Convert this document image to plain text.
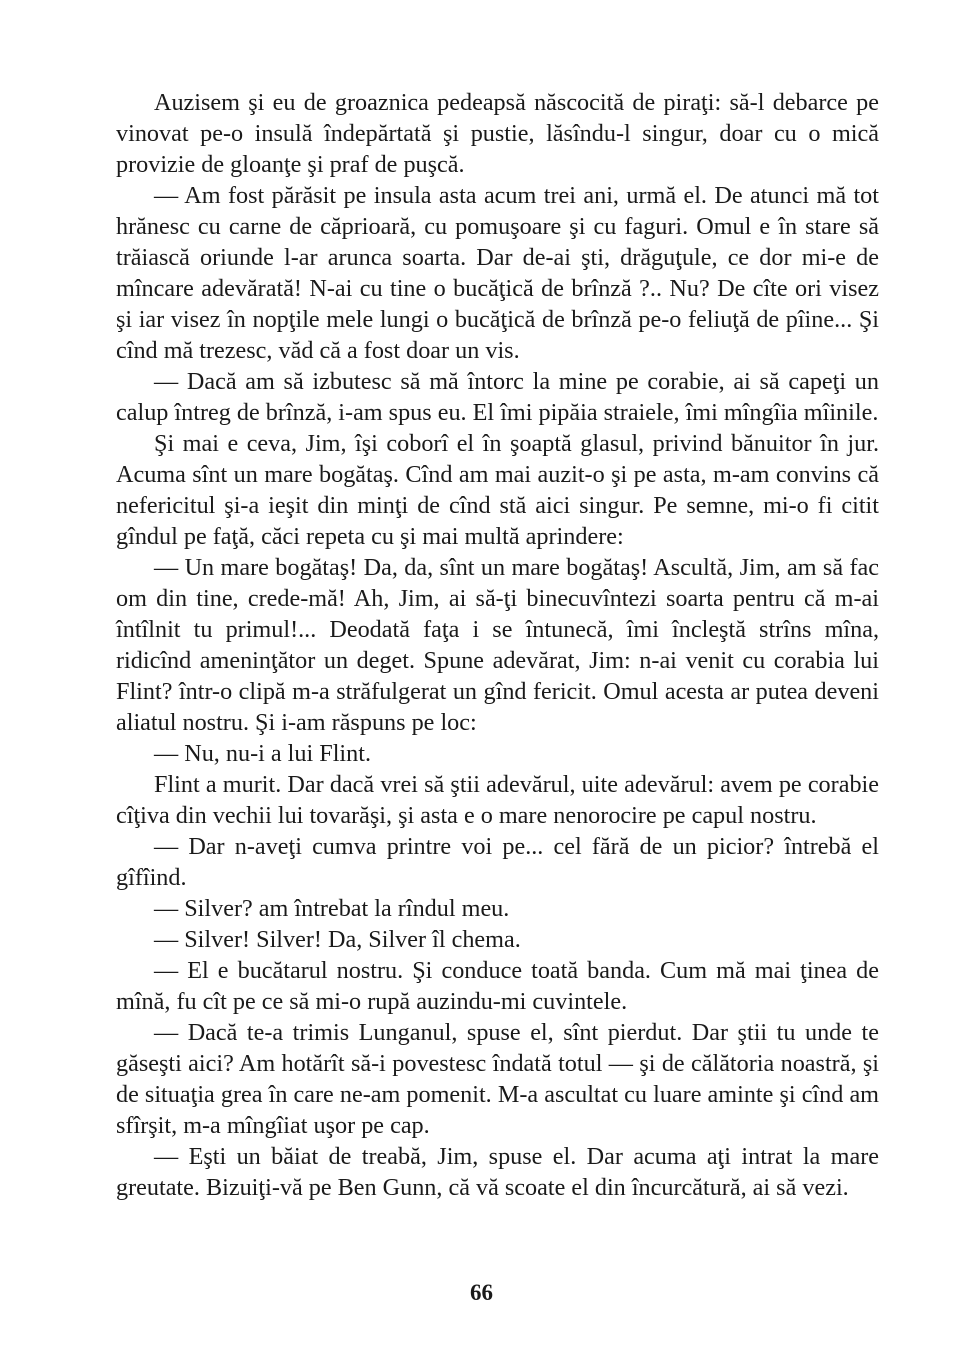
Auzisem şi eu de groaznica pedeapsă născocită de piraţi: să-l debarce pe vinovat pe-o insulă îndepărtată şi pustie, lăsîndu-l singur, doar cu o mică provizie de gloanţe şi praf de puşcă.

— Am fost părăsit pe insula asta acum trei ani, urmă el. De atunci mă tot hrănesc cu carne de căprioară, cu pomuşoare şi cu faguri. Omul e în stare să trăiască oriunde l-ar arunca soarta. Dar de-ai şti, drăguţule, ce dor mi-e de mîncare adevărată! N-ai cu tine o bucăţică de brînză ?.. Nu? De cîte ori visez şi iar visez în nopţile mele lungi o bucăţică de brînză pe-o feliuţă de pîine... Şi cînd mă trezesc, văd că a fost doar un vis.

— Dacă am să izbutesc să mă întorc la mine pe corabie, ai să capeţi un calup întreg de brînză, i-am spus eu. El îmi pipăia straiele, îmi mîngîia mîinile.

Şi mai e ceva, Jim, îşi coborî el în şoaptă glasul, privind bănuitor în jur. Acuma sînt un mare bogătaş. Cînd am mai auzit-o şi pe asta, m-am convins că nefericitul şi-a ieşit din minţi de cînd stă aici singur. Pe semne, mi-o fi citit gîndul pe faţă, căci repeta cu şi mai multă aprindere:

— Un mare bogătaş! Da, da, sînt un mare bogătaş! Ascultă, Jim, am să fac om din tine, crede-mă! Ah, Jim, ai să-ţi binecuvîntezi soarta pentru că m-ai întîlnit tu primul!... Deodată faţa i se întunecă, îmi încleştă strîns mîna, ridicînd ameninţător un deget. Spune adevărat, Jim: n-ai venit cu corabia lui Flint? într-o clipă m-a străfulgerat un gînd fericit. Omul acesta ar putea deveni aliatul nostru. Şi i-am răspuns pe loc:

— Nu, nu-i a lui Flint.

Flint a murit. Dar dacă vrei să ştii adevărul, uite adevărul: avem pe corabie cîţiva din vechii lui tovarăşi, şi asta e o mare nenorocire pe capul nostru.

— Dar n-aveţi cumva printre voi pe... cel fără de un picior? întrebă el gîfîind.

— Silver? am întrebat la rîndul meu.

— Silver! Silver! Da, Silver îl chema.

— El e bucătarul nostru. Şi conduce toată banda. Cum mă mai ţinea de mînă, fu cît pe ce să mi-o rupă auzindu-mi cuvintele.

— Dacă te-a trimis Lunganul, spuse el, sînt pierdut. Dar ştii tu unde te găseşti aici? Am hotărît să-i povestesc îndată totul — şi de călătoria noastră, şi de situaţia grea în care ne-am pomenit. M-a ascultat cu luare aminte şi cînd am sfîrşit, m-a mîngîiat uşor pe cap.

— Eşti un băiat de treabă, Jim, spuse el. Dar acuma aţi intrat la mare greutate. Bizuiţi-vă pe Ben Gunn, că vă scoate el din încurcătură, ai să vezi.

66
